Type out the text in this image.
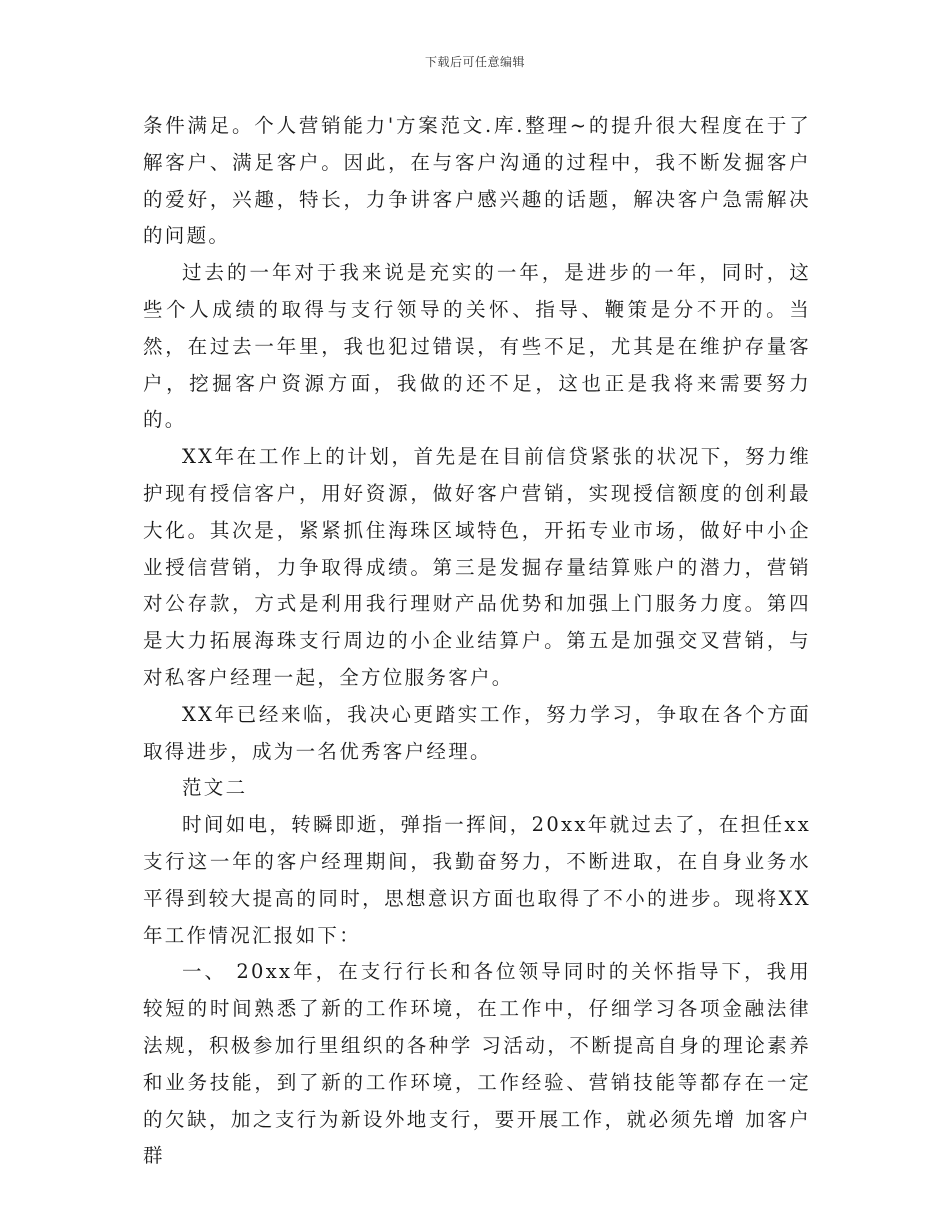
下载后可任意编辑

条件满足。个人营销能力'方案范文.库.整理~的提升很大程度在于了解客户、满足客户。因此，在与客户沟通的过程中，我不断发掘客户的爱好，兴趣，特长，力争讲客户感兴趣的话题，解决客户急需解决的问题。

过去的一年对于我来说是充实的一年，是进步的一年，同时，这些个人成绩的取得与支行领导的关怀、指导、鞭策是分不开的。当然，在过去一年里，我也犯过错误，有些不足，尤其是在维护存量客户，挖掘客户资源方面，我做的还不足，这也正是我将来需要努力的。

XX年在工作上的计划，首先是在目前信贷紧张的状况下，努力维护现有授信客户，用好资源，做好客户营销，实现授信额度的创利最大化。其次是，紧紧抓住海珠区域特色，开拓专业市场，做好中小企业授信营销，力争取得成绩。第三是发掘存量结算账户的潜力，营销对公存款，方式是利用我行理财产品优势和加强上门服务力度。第四是大力拓展海珠支行周边的小企业结算户。第五是加强交叉营销，与对私客户经理一起，全方位服务客户。

XX年已经来临，我决心更踏实工作，努力学习，争取在各个方面取得进步，成为一名优秀客户经理。

范文二

时间如电，转瞬即逝，弹指一挥间，20xx年就过去了，在担任xx支行这一年的客户经理期间，我勤奋努力，不断进取，在自身业务水平得到较大提高的同时，思想意识方面也取得了不小的进步。现将XX年工作情况汇报如下：

一、 20xx年，在支行行长和各位领导同时的关怀指导下，我用较短的时间熟悉了新的工作环境，在工作中，仔细学习各项金融法律法规，积极参加行里组织的各种学 习活动，不断提高自身的理论素养和业务技能，到了新的工作环境，工作经验、营销技能等都存在一定的欠缺，加之支行为新设外地支行，要开展工作，就必须先增 加客户群
